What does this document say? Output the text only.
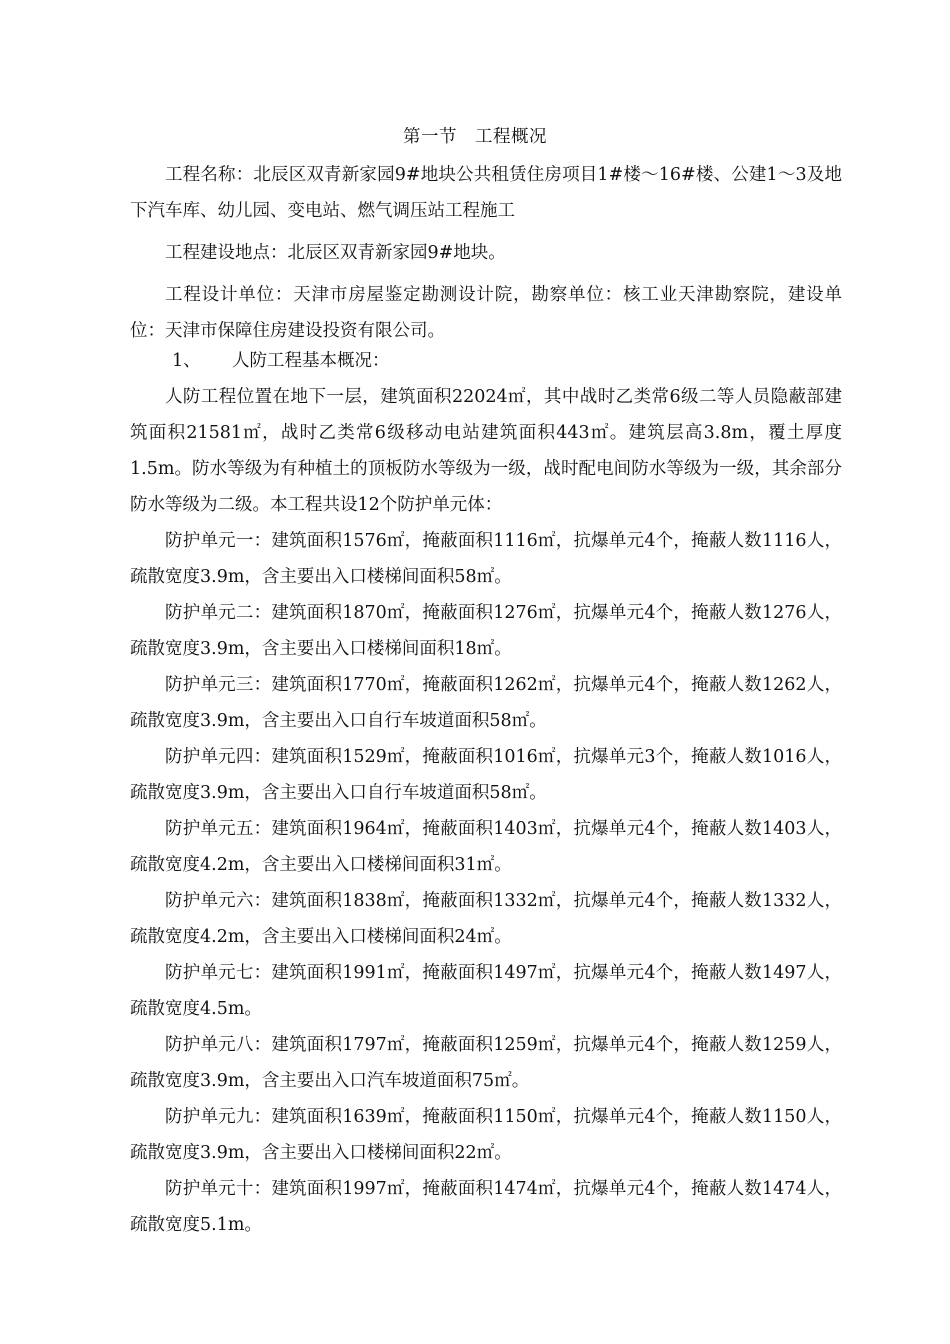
第一节　工程概况

工程名称：北辰区双青新家园9#地块公共租赁住房项目1#楼～16#楼、公建1～3及地下汽车库、幼儿园、变电站、燃气调压站工程施工

工程建设地点：北辰区双青新家园9#地块。

工程设计单位：天津市房屋鉴定勘测设计院，勘察单位：核工业天津勘察院，建设单位：天津市保障住房建设投资有限公司。

1、 人防工程基本概况：

人防工程位置在地下一层，建筑面积22024㎡，其中战时乙类常6级二等人员隐蔽部建筑面积21581㎡，战时乙类常6级移动电站建筑面积443㎡。建筑层高3.8m，覆土厚度1.5m。防水等级为有种植土的顶板防水等级为一级，战时配电间防水等级为一级，其余部分防水等级为二级。本工程共设12个防护单元体：

防护单元一：建筑面积1576㎡，掩蔽面积1116㎡，抗爆单元4个，掩蔽人数1116人，疏散宽度3.9m，含主要出入口楼梯间面积58㎡。

防护单元二：建筑面积1870㎡，掩蔽面积1276㎡，抗爆单元4个，掩蔽人数1276人，疏散宽度3.9m，含主要出入口楼梯间面积18㎡。

防护单元三：建筑面积1770㎡，掩蔽面积1262㎡，抗爆单元4个，掩蔽人数1262人，疏散宽度3.9m，含主要出入口自行车坡道面积58㎡。

防护单元四：建筑面积1529㎡，掩蔽面积1016㎡，抗爆单元3个，掩蔽人数1016人，疏散宽度3.9m，含主要出入口自行车坡道面积58㎡。

防护单元五：建筑面积1964㎡，掩蔽面积1403㎡，抗爆单元4个，掩蔽人数1403人，疏散宽度4.2m，含主要出入口楼梯间面积31㎡。

防护单元六：建筑面积1838㎡，掩蔽面积1332㎡，抗爆单元4个，掩蔽人数1332人，疏散宽度4.2m，含主要出入口楼梯间面积24㎡。

防护单元七：建筑面积1991㎡，掩蔽面积1497㎡，抗爆单元4个，掩蔽人数1497人，疏散宽度4.5m。

防护单元八：建筑面积1797㎡，掩蔽面积1259㎡，抗爆单元4个，掩蔽人数1259人，疏散宽度3.9m，含主要出入口汽车坡道面积75㎡。

防护单元九：建筑面积1639㎡，掩蔽面积1150㎡，抗爆单元4个，掩蔽人数1150人，疏散宽度3.9m，含主要出入口楼梯间面积22㎡。

防护单元十：建筑面积1997㎡，掩蔽面积1474㎡，抗爆单元4个，掩蔽人数1474人，疏散宽度5.1m。
